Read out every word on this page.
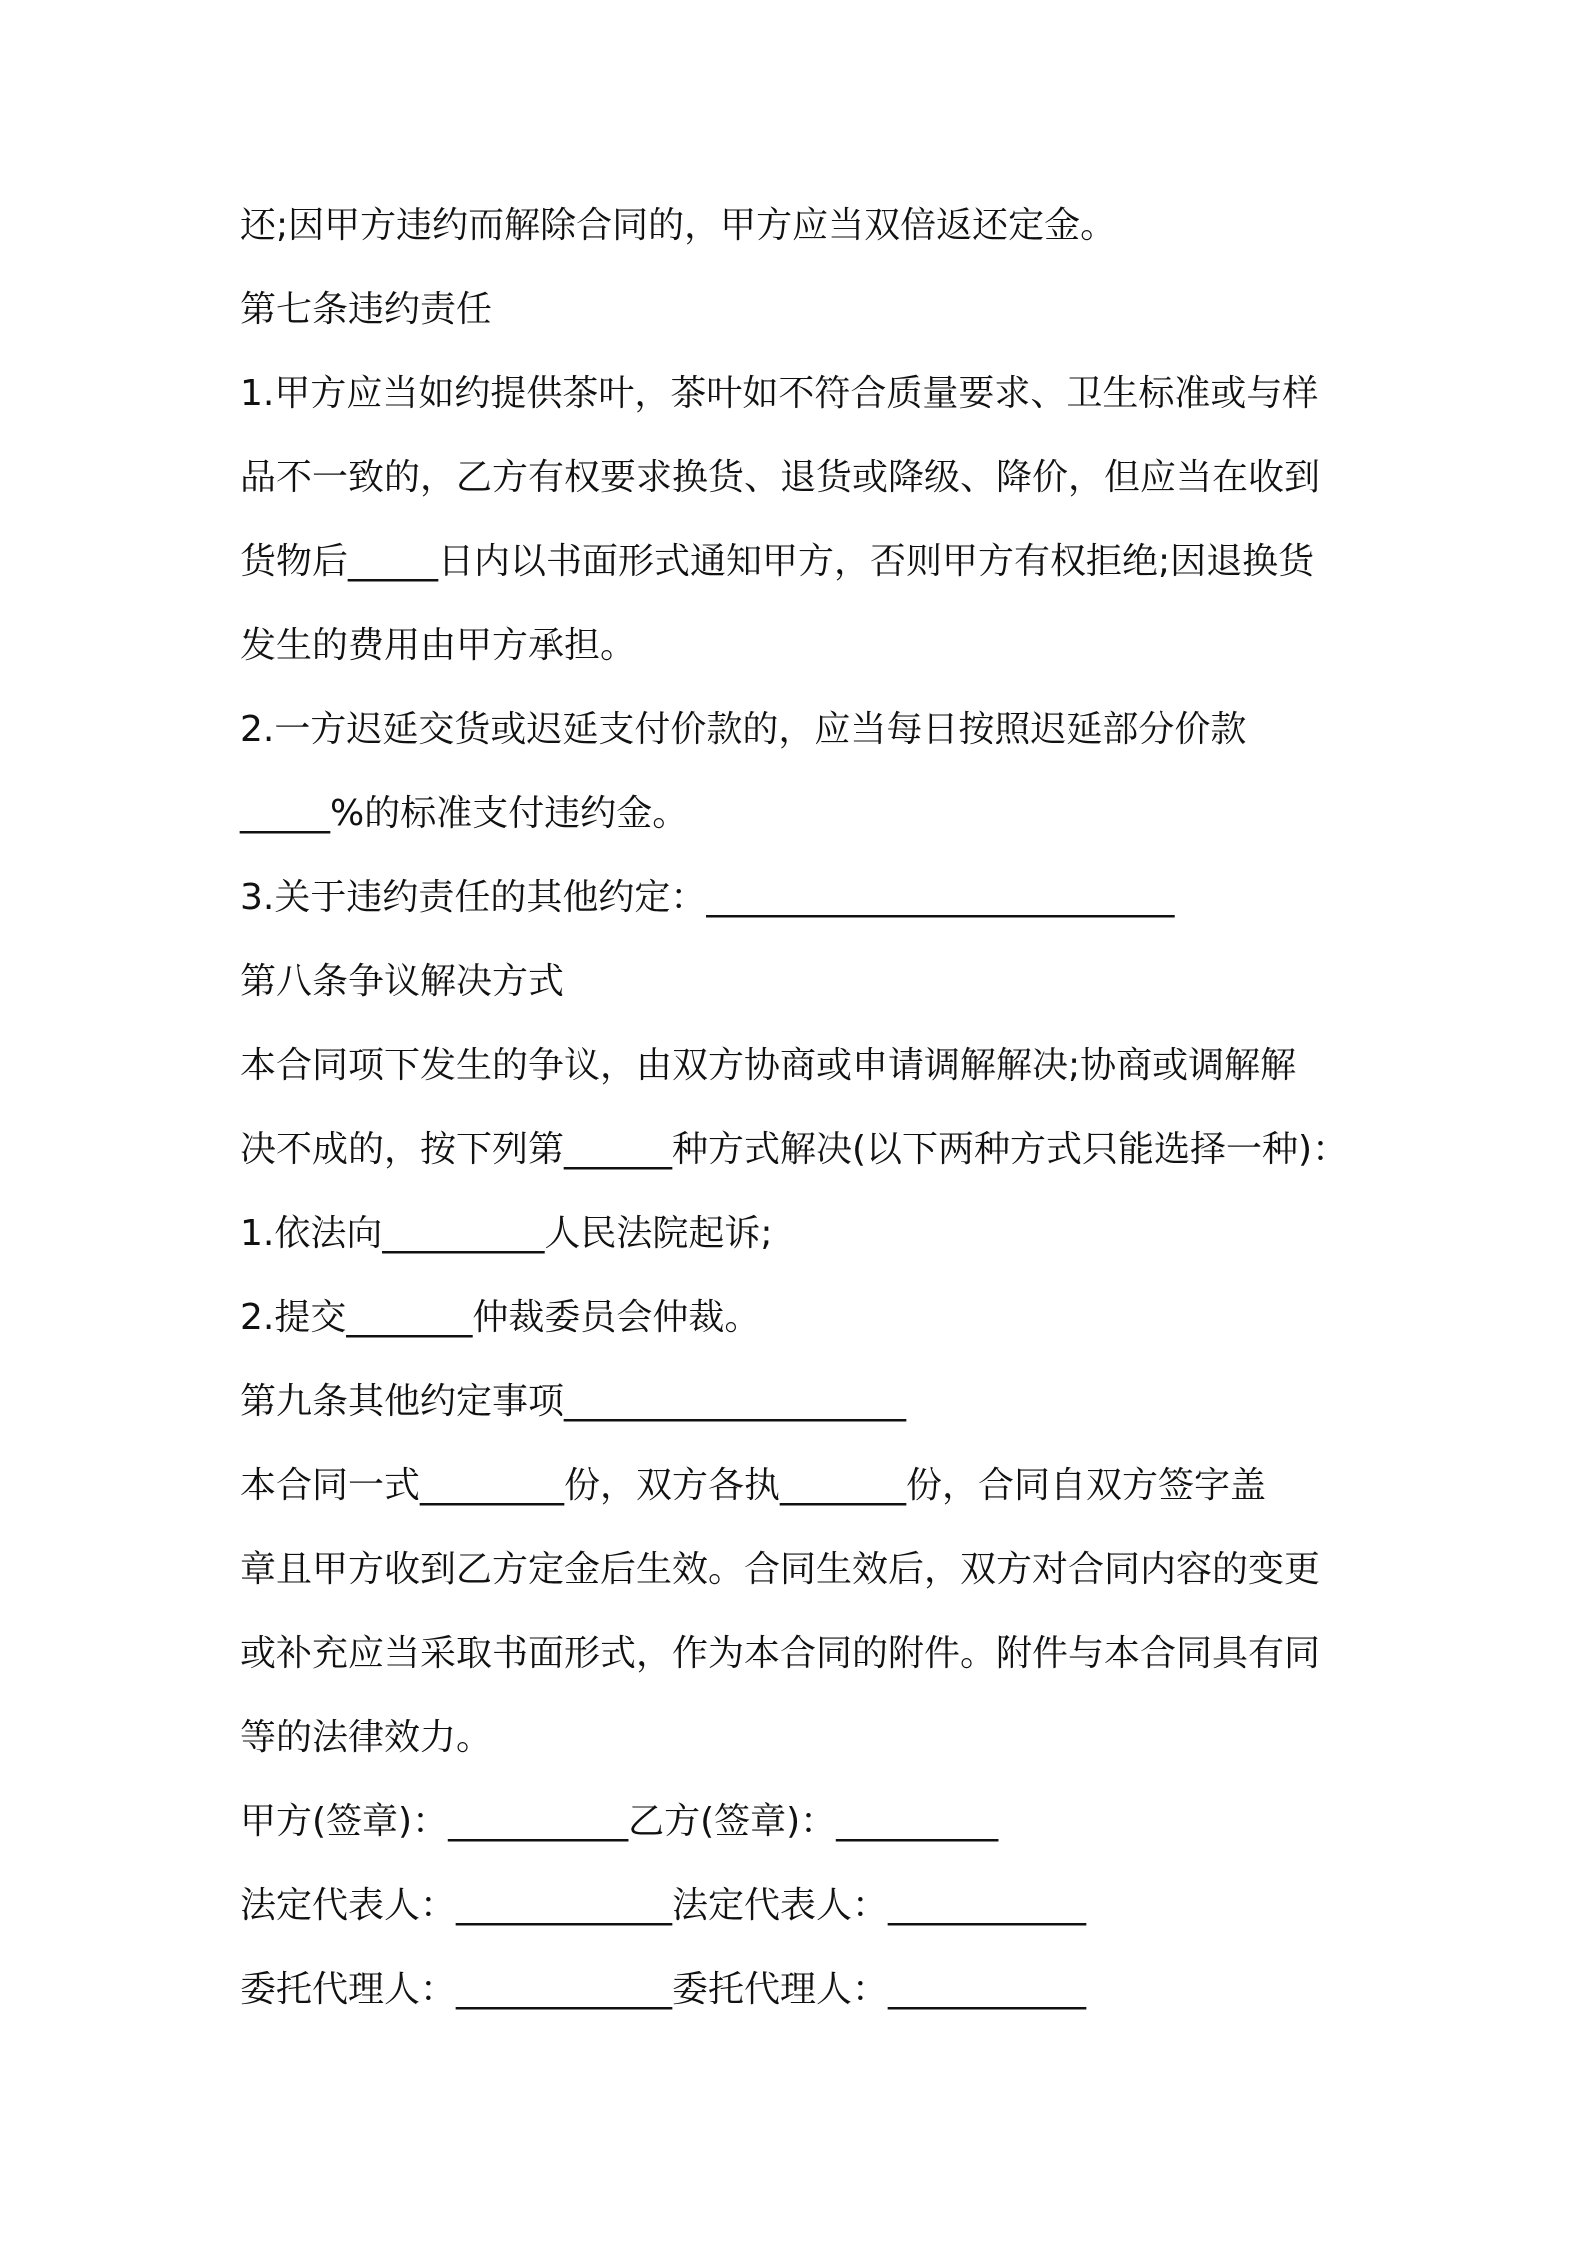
还;因甲方违约而解除合同的，甲方应当双倍返还定金。

第七条违约责任

1.甲方应当如约提供茶叶，茶叶如不符合质量要求、卫生标准或与样

品不一致的，乙方有权要求换货、退货或降级、降价，但应当在收到

货物后_____日内以书面形式通知甲方，否则甲方有权拒绝;因退换货

发生的费用由甲方承担。

2.一方迟延交货或迟延支付价款的，应当每日按照迟延部分价款

_____%的标准支付违约金。

3.关于违约责任的其他约定：__________________________

第八条争议解决方式

本合同项下发生的争议，由双方协商或申请调解解决;协商或调解解

决不成的，按下列第______种方式解决(以下两种方式只能选择一种)：

1.依法向_________人民法院起诉;

2.提交_______仲裁委员会仲裁。

第九条其他约定事项___________________

本合同一式________份，双方各执_______份，合同自双方签字盖

章且甲方收到乙方定金后生效。合同生效后，双方对合同内容的变更

或补充应当采取书面形式，作为本合同的附件。附件与本合同具有同

等的法律效力。

甲方(签章)：__________乙方(签章)：_________

法定代表人：____________法定代表人：___________

委托代理人：____________委托代理人：___________
